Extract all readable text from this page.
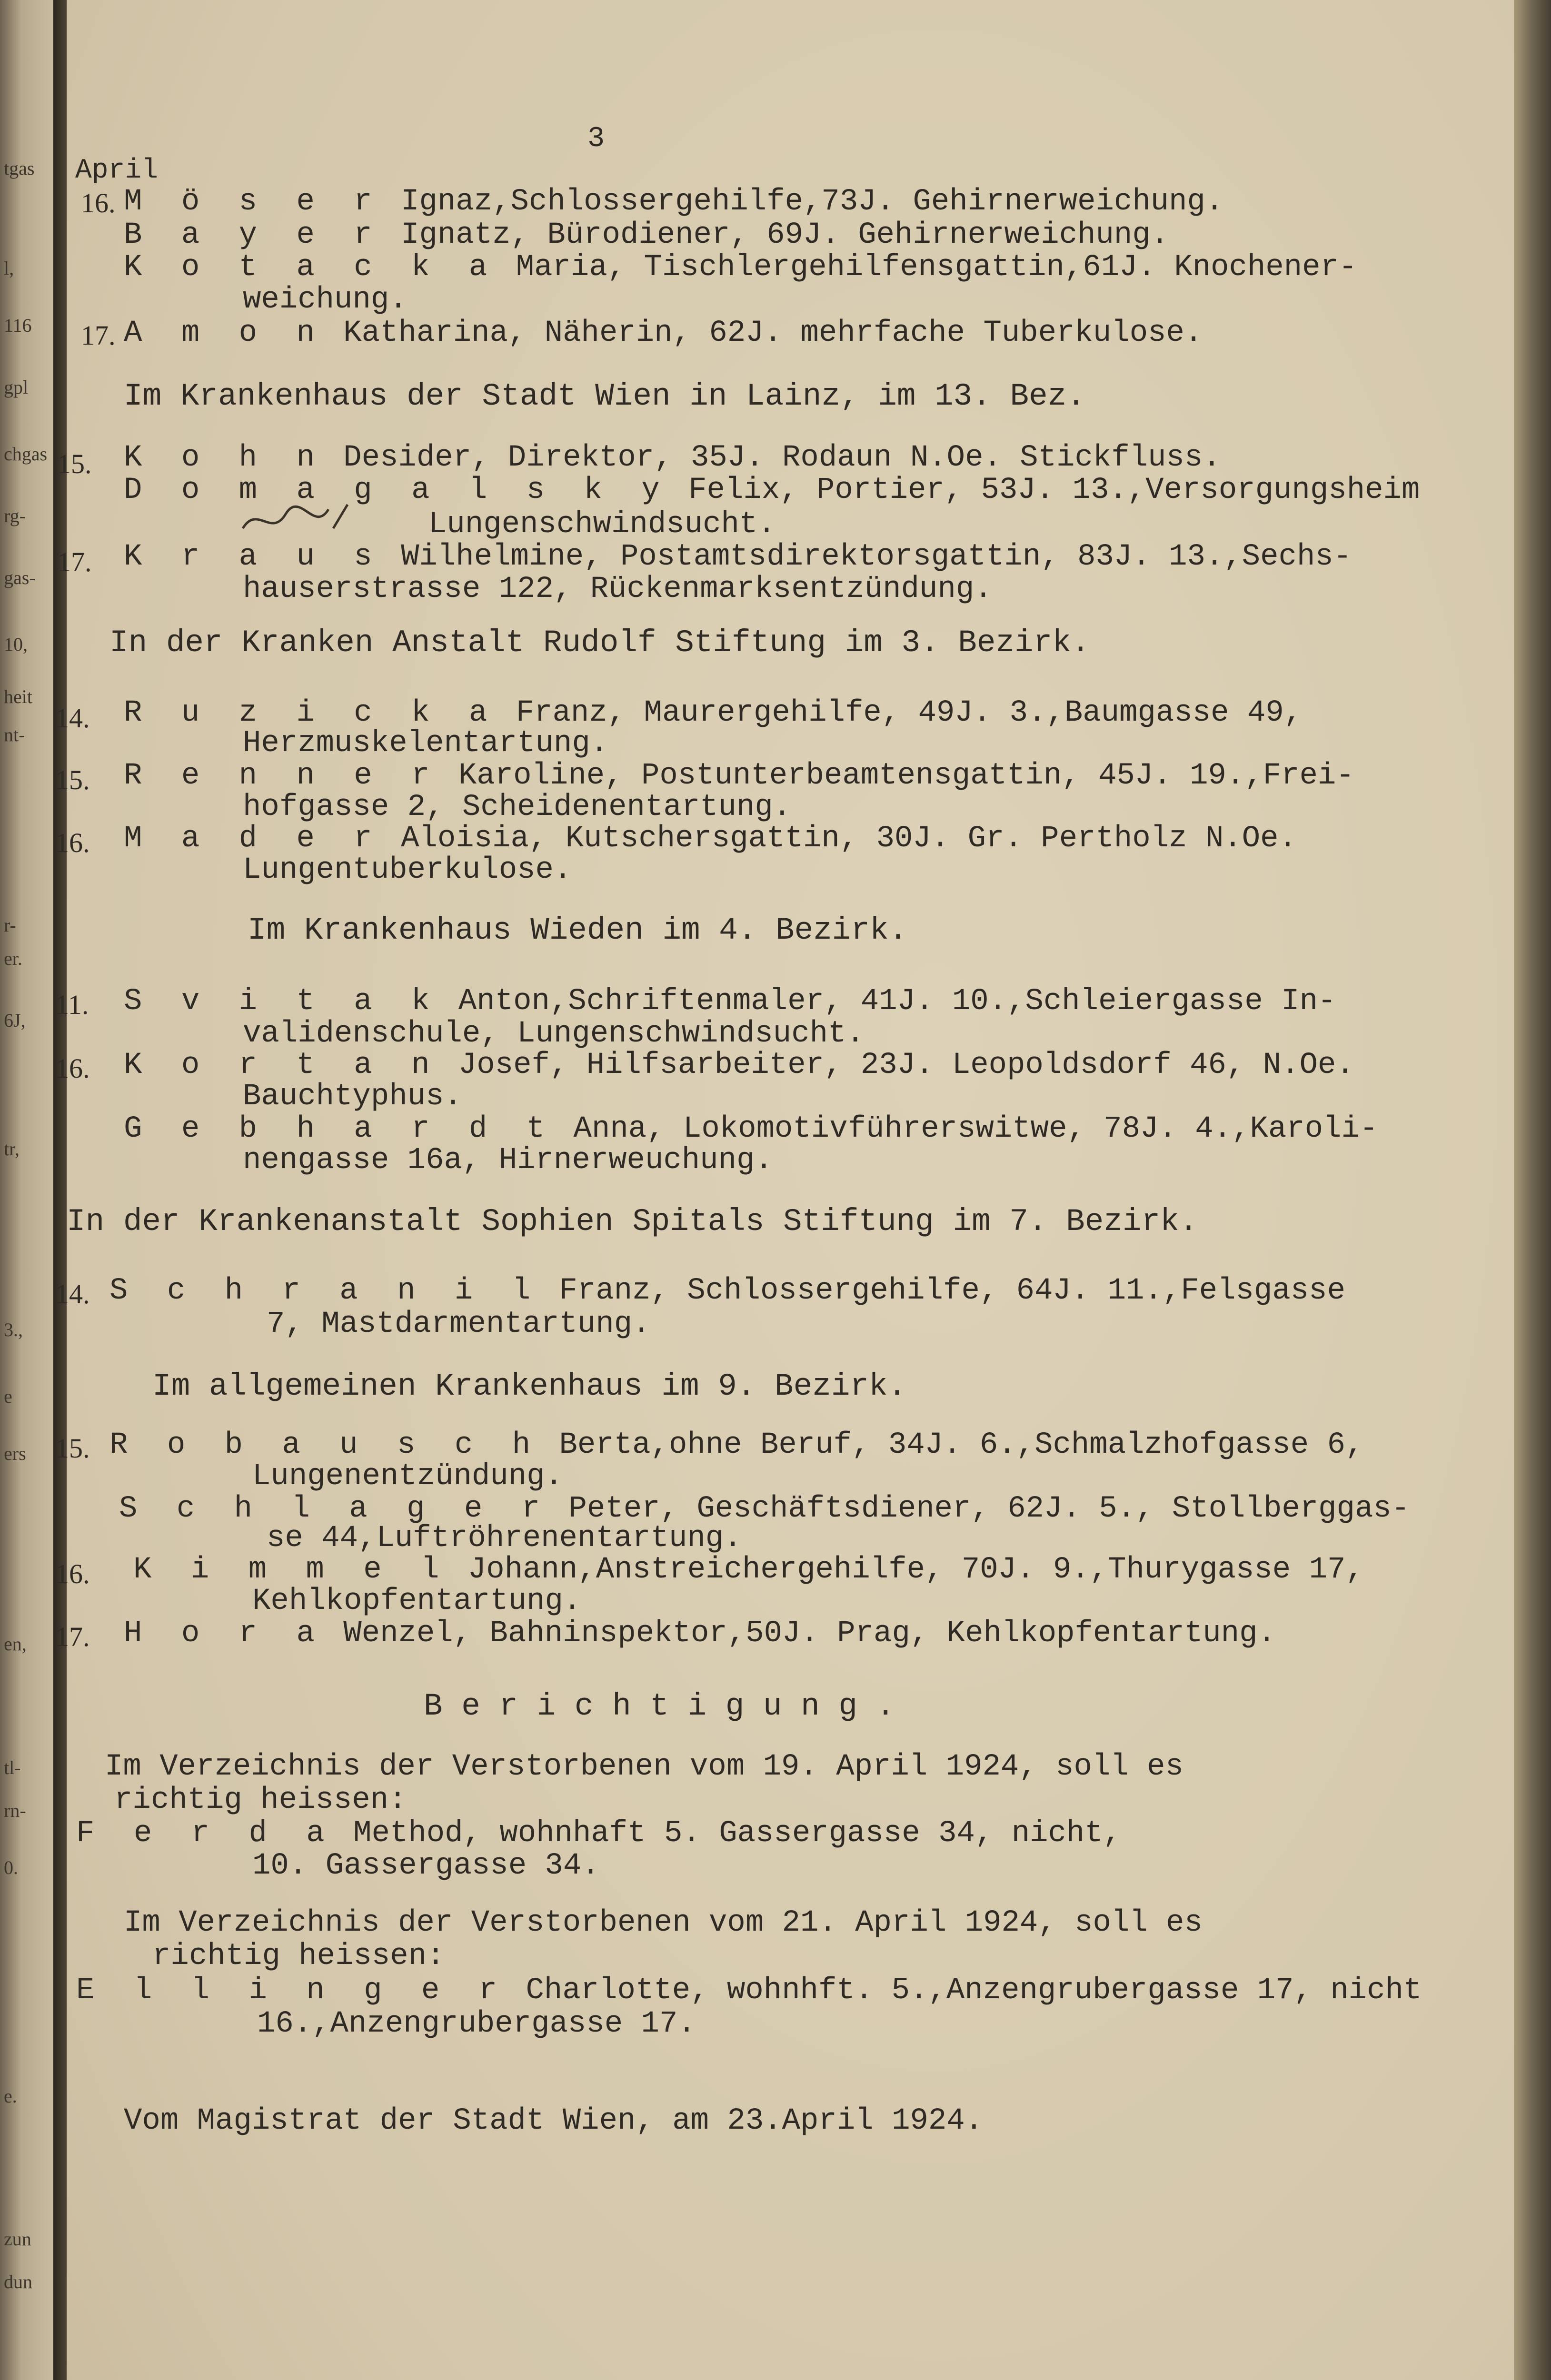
tgas
l,
116
gpl
chgas
rg-
gas-
10,
heit
nt-
r-
er.
6J,
tr,
3.,
e
ers
en,
tl-
rn-
0.
e.
zun
dun
3
April
16. M ö s e r Ignaz,Schlossergehilfe,73J. Gehirnerweichung.
B a y e r Ignatz, Bürodiener, 69J. Gehirnerweichung.
K o t a c k a Maria, Tischlergehilfensgattin,61J. Knochener-
weichung.
17. A m o n Katharina, Näherin, 62J. mehrfache Tuberkulose.
Im Krankenhaus der Stadt Wien in Lainz, im 13. Bez.
15. K o h n Desider, Direktor, 35J. Rodaun N.Oe. Stickfluss.
D o m a g a l s k y Felix, Portier, 53J. 13.,Versorgungsheim
Lungenschwindsucht.
17. K r a u s Wilhelmine, Postamtsdirektorsgattin, 83J. 13.,Sechs-
hauserstrasse 122, Rückenmarksentzündung.
In der Kranken Anstalt Rudolf Stiftung im 3. Bezirk.
14. R u z i c k a Franz, Maurergehilfe, 49J. 3.,Baumgasse 49,
Herzmuskelentartung.
15. R e n n e r Karoline, Postunterbeamtensgattin, 45J. 19.,Frei-
hofgasse 2, Scheidenentartung.
16. M a d e r Aloisia, Kutschersgattin, 30J. Gr. Pertholz N.Oe.
Lungentuberkulose.
Im Krankenhaus Wieden im 4. Bezirk.
11. S v i t a k Anton,Schriftenmaler, 41J. 10.,Schleiergasse In-
validenschule, Lungenschwindsucht.
16. K o r t a n Josef, Hilfsarbeiter, 23J. Leopoldsdorf 46, N.Oe.
Bauchtyphus.
G e b h a r d t Anna, Lokomotivführerswitwe, 78J. 4.,Karoli-
nengasse 16a, Hirnerweuchung.
In der Krankenanstalt Sophien Spitals Stiftung im 7. Bezirk.
14. S c h r a n i l Franz, Schlossergehilfe, 64J. 11.,Felsgasse
7, Mastdarmentartung.
Im allgemeinen Krankenhaus im 9. Bezirk.
15. R o b a u s c h Berta,ohne Beruf, 34J. 6.,Schmalzhofgasse 6,
Lungenentzündung.
S c h l a g e r Peter, Geschäftsdiener, 62J. 5., Stollberggas-
se 44,Luftröhrenentartung.
16. K i m m e l Johann,Anstreichergehilfe, 70J. 9.,Thurygasse 17,
Kehlkopfentartung.
17. H o r a Wenzel, Bahninspektor,50J. Prag, Kehlkopfentartung.
B e r i c h t i g u n g .
Im Verzeichnis der Verstorbenen vom 19. April 1924, soll es
richtig heissen:
F e r d a Method, wohnhaft 5. Gassergasse 34, nicht,
10. Gassergasse 34.
Im Verzeichnis der Verstorbenen vom 21. April 1924, soll es
richtig heissen:
E l l i n g e r Charlotte, wohnhft. 5.,Anzengrubergasse 17, nicht
16.,Anzengrubergasse 17.
Vom Magistrat der Stadt Wien, am 23.April 1924.
